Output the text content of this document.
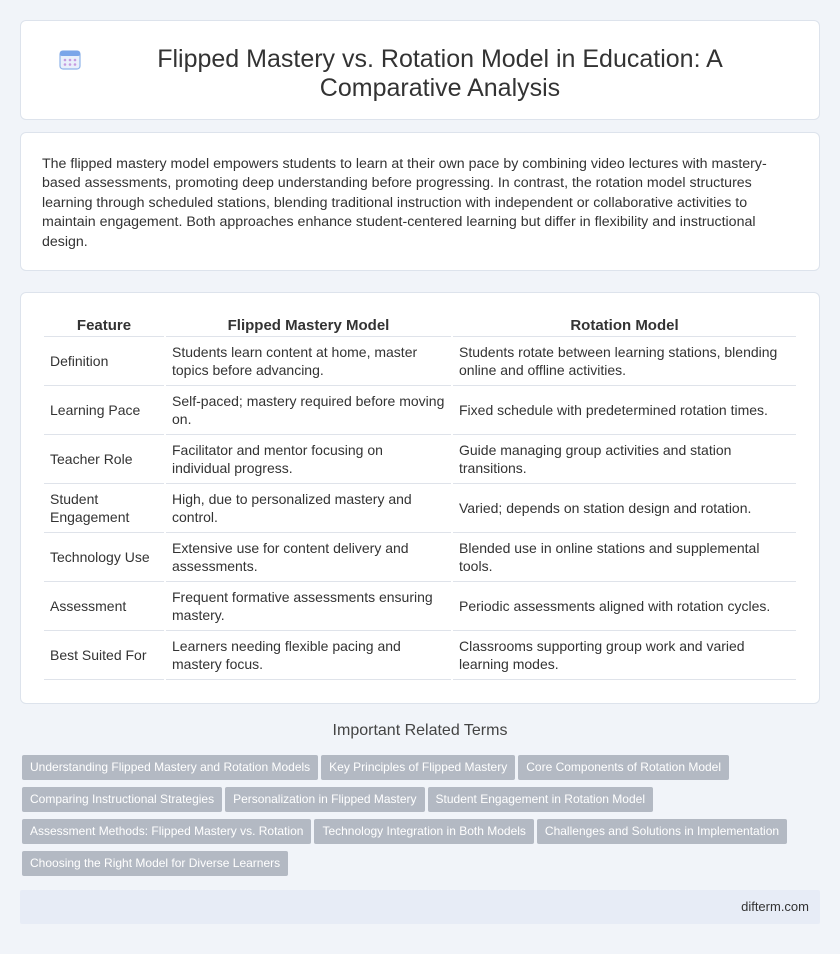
Flipped Mastery vs. Rotation Model in Education: A Comparative Analysis

The flipped mastery model empowers students to learn at their own pace by combining video lectures with mastery-based assessments, promoting deep understanding before progressing. In contrast, the rotation model structures learning through scheduled stations, blending traditional instruction with independent or collaborative activities to maintain engagement. Both approaches enhance student-centered learning but differ in flexibility and instructional design.

Feature	Flipped Mastery Model	Rotation Model
Definition	Students learn content at home, master topics before advancing.	Students rotate between learning stations, blending online and offline activities.
Learning Pace	Self-paced; mastery required before moving on.	Fixed schedule with predetermined rotation times.
Teacher Role	Facilitator and mentor focusing on individual progress.	Guide managing group activities and station transitions.
Student Engagement	High, due to personalized mastery and control.	Varied; depends on station design and rotation.
Technology Use	Extensive use for content delivery and assessments.	Blended use in online stations and supplemental tools.
Assessment	Frequent formative assessments ensuring mastery.	Periodic assessments aligned with rotation cycles.
Best Suited For	Learners needing flexible pacing and mastery focus.	Classrooms supporting group work and varied learning modes.
Important Related Terms
Understanding Flipped Mastery and Rotation Models Key Principles of Flipped Mastery Core Components of Rotation Model
Comparing Instructional Strategies Personalization in Flipped Mastery Student Engagement in Rotation Model
Assessment Methods: Flipped Mastery vs. Rotation Technology Integration in Both Models Challenges and Solutions in Implementation
Choosing the Right Model for Diverse Learners
difterm.com
